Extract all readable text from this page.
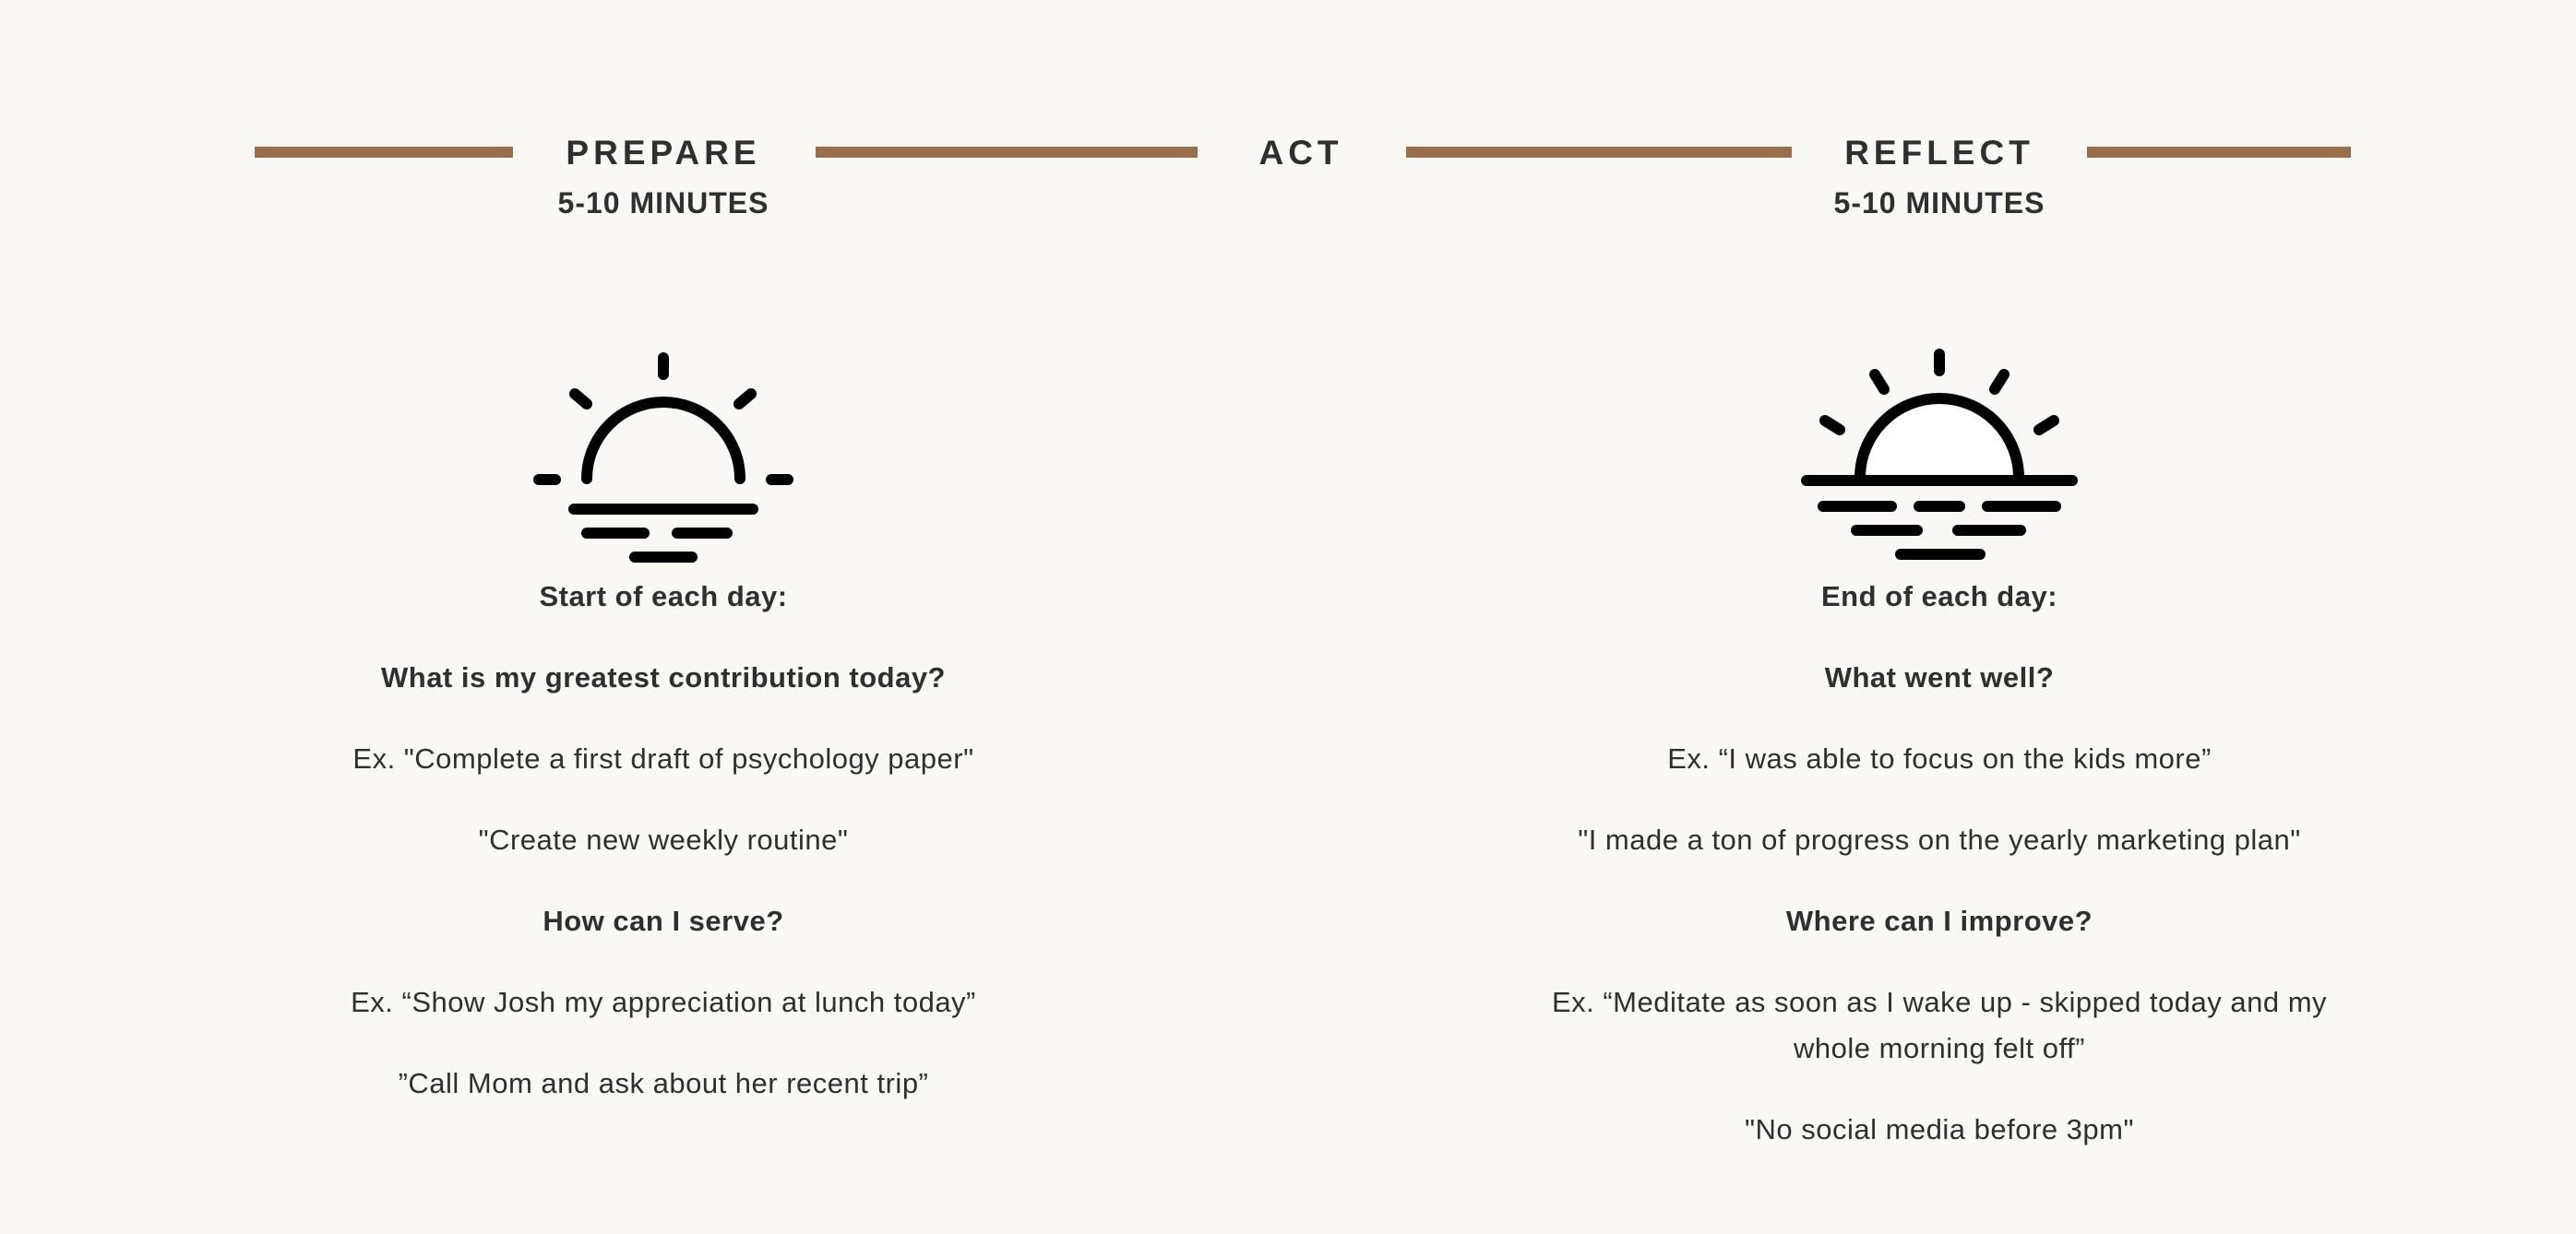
PREPARE
5-10 MINUTES
ACT	REFLECT
5-10 MINUTES

Start of each day:

What is my greatest contribution today?

Ex. "Complete a first draft of psychology paper"

"Create new weekly routine"

How can I serve?

Ex. “Show Josh my appreciation at lunch today”

”Call Mom and ask about her recent trip”

End of each day:

What went well?

Ex. “I was able to focus on the kids more”

"I made a ton of progress on the yearly marketing plan"

Where can I improve?

Ex. “Meditate as soon as I wake up - skipped today and my

whole morning felt off”

"No social media before 3pm"
